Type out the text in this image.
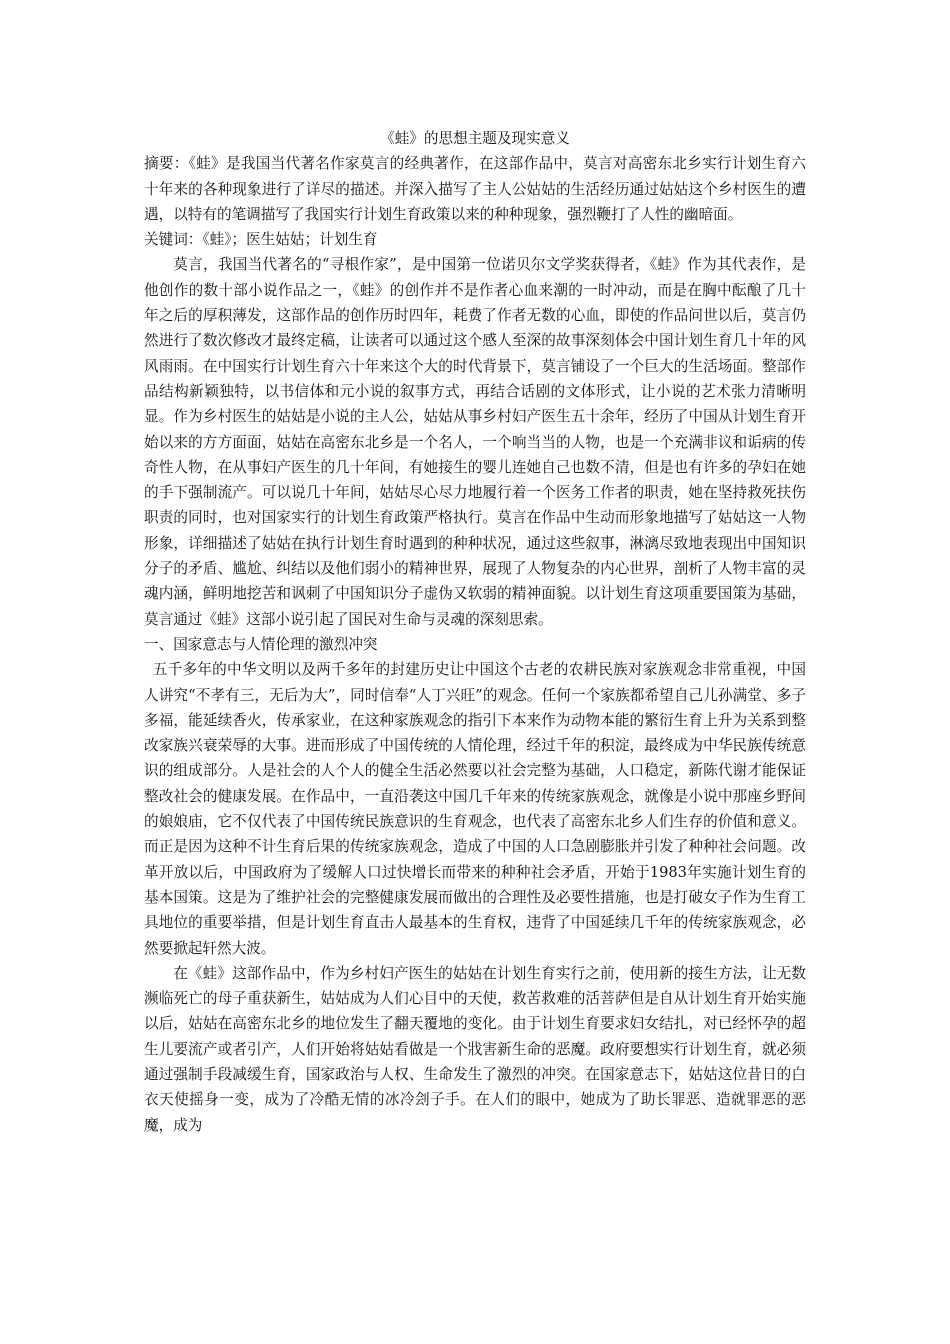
《蛙》的思想主题及现实意义

摘要：《蛙》是我国当代著名作家莫言的经典著作，在这部作品中，莫言对高密东北乡实行计划生育六十年来的各种现象进行了详尽的描述。并深入描写了主人公姑姑的生活经历通过姑姑这个乡村医生的遭遇，以特有的笔调描写了我国实行计划生育政策以来的种种现象，强烈鞭打了人性的幽暗面。

关键词：《蛙》；医生姑姑；计划生育

莫言，我国当代著名的“寻根作家”，是中国第一位诺贝尔文学奖获得者，《蛙》作为其代表作，是他创作的数十部小说作品之一，《蛙》的创作并不是作者心血来潮的一时冲动，而是在胸中酝酿了几十年之后的厚积薄发，这部作品的创作历时四年，耗费了作者无数的心血，即使的作品问世以后，莫言仍然进行了数次修改才最终定稿，让读者可以通过这个感人至深的故事深刻体会中国计划生育几十年的风风雨雨。在中国实行计划生育六十年来这个大的时代背景下，莫言铺设了一个巨大的生活场面。整部作品结构新颖独特，以书信体和元小说的叙事方式，再结合话剧的文体形式，让小说的艺术张力清晰明显。作为乡村医生的姑姑是小说的主人公，姑姑从事乡村妇产医生五十余年，经历了中国从计划生育开始以来的方方面面，姑姑在高密东北乡是一个名人，一个响当当的人物，也是一个充满非议和诟病的传奇性人物，在从事妇产医生的几十年间，有她接生的婴儿连她自己也数不清，但是也有许多的孕妇在她的手下强制流产。可以说几十年间，姑姑尽心尽力地履行着一个医务工作者的职责，她在坚持救死扶伤职责的同时，也对国家实行的计划生育政策严格执行。莫言在作品中生动而形象地描写了姑姑这一人物形象，详细描述了姑姑在执行计划生育时遇到的种种状况，通过这些叙事，淋漓尽致地表现出中国知识分子的矛盾、尴尬、纠结以及他们弱小的精神世界，展现了人物复杂的内心世界，剖析了人物丰富的灵魂内涵，鲜明地挖苦和讽刺了中国知识分子虚伪又软弱的精神面貌。以计划生育这项重要国策为基础，莫言通过《蛙》这部小说引起了国民对生命与灵魂的深刻思索。

一、国家意志与人情伦理的激烈冲突

五千多年的中华文明以及两千多年的封建历史让中国这个古老的农耕民族对家族观念非常重视，中国人讲究“不孝有三，无后为大”，同时信奉“人丁兴旺”的观念。任何一个家族都希望自己儿孙满堂、多子多福，能延续香火，传承家业，在这种家族观念的指引下本来作为动物本能的繁衍生育上升为关系到整改家族兴衰荣辱的大事。进而形成了中国传统的人情伦理，经过千年的积淀，最终成为中华民族传统意识的组成部分。人是社会的人个人的健全生活必然要以社会完整为基础，人口稳定，新陈代谢才能保证整改社会的健康发展。在作品中，一直沿袭这中国几千年来的传统家族观念，就像是小说中那座乡野间的娘娘庙，它不仅代表了中国传统民族意识的生育观念，也代表了高密东北乡人们生存的价值和意义。而正是因为这种不计生育后果的传统家族观念，造成了中国的人口急剧膨胀并引发了种种社会问题。改革开放以后，中国政府为了缓解人口过快增长而带来的种种社会矛盾，开始于1983年实施计划生育的基本国策。这是为了维护社会的完整健康发展而做出的合理性及必要性措施，也是打破女子作为生育工具地位的重要举措，但是计划生育直击人最基本的生育权，违背了中国延续几千年的传统家族观念，必然要掀起轩然大波。

在《蛙》这部作品中，作为乡村妇产医生的姑姑在计划生育实行之前，使用新的接生方法，让无数濒临死亡的母子重获新生，姑姑成为人们心目中的天使，救苦救难的活菩萨但是自从计划生育开始实施以后，姑姑在高密东北乡的地位发生了翻天覆地的变化。由于计划生育要求妇女结扎，对已经怀孕的超生儿要流产或者引产，人们开始将姑姑看做是一个戕害新生命的恶魔。政府要想实行计划生育，就必须通过强制手段减缓生育，国家政治与人权、生命发生了激烈的冲突。在国家意志下，姑姑这位昔日的白衣天使摇身一变，成为了冷酷无情的冰冷刽子手。在人们的眼中，她成为了助长罪恶、造就罪恶的恶魔，成为
